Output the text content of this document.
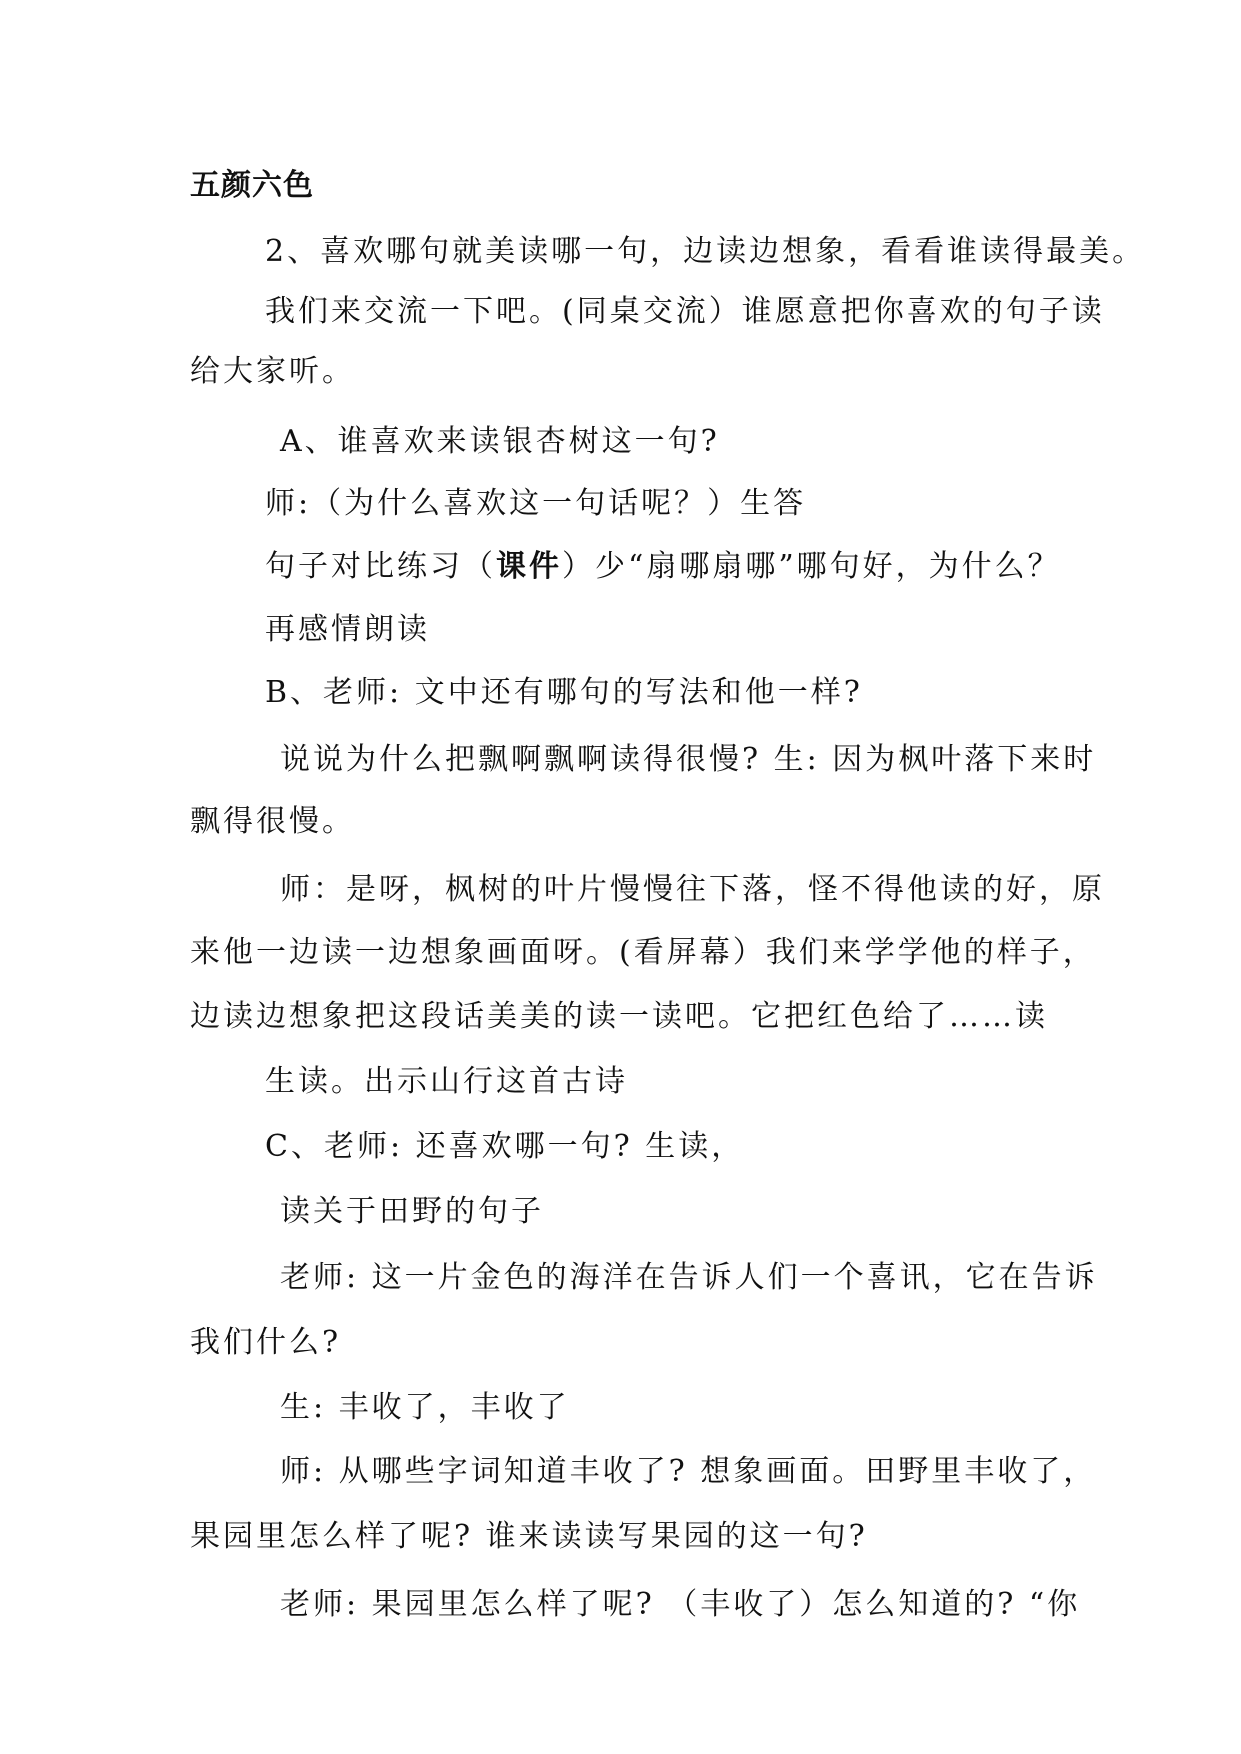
五颜六色
2、喜欢哪句就美读哪一句，边读边想象，看看谁读得最美。
我们来交流一下吧。(同桌交流）谁愿意把你喜欢的句子读
给大家听。
A、谁喜欢来读银杏树这一句?
师:（为什么喜欢这一句话呢？）生答
句子对比练习（课件）少“扇哪扇哪”哪句好，为什么？
再感情朗读
B、老师: 文中还有哪句的写法和他一样?
说说为什么把飘啊飘啊读得很慢? 生: 因为枫叶落下来时
飘得很慢。
师：是呀，枫树的叶片慢慢往下落，怪不得他读的好，原
来他一边读一边想象画面呀。(看屏幕）我们来学学他的样子，
边读边想象把这段话美美的读一读吧。它把红色给了……读
生读。出示山行这首古诗
C、老师: 还喜欢哪一句? 生读，
读关于田野的句子
老师: 这一片金色的海洋在告诉人们一个喜讯，它在告诉
我们什么?
生: 丰收了，丰收了
师: 从哪些字词知道丰收了? 想象画面。田野里丰收了，
果园里怎么样了呢? 谁来读读写果园的这一句?
老师: 果园里怎么样了呢? （丰收了）怎么知道的? “你
